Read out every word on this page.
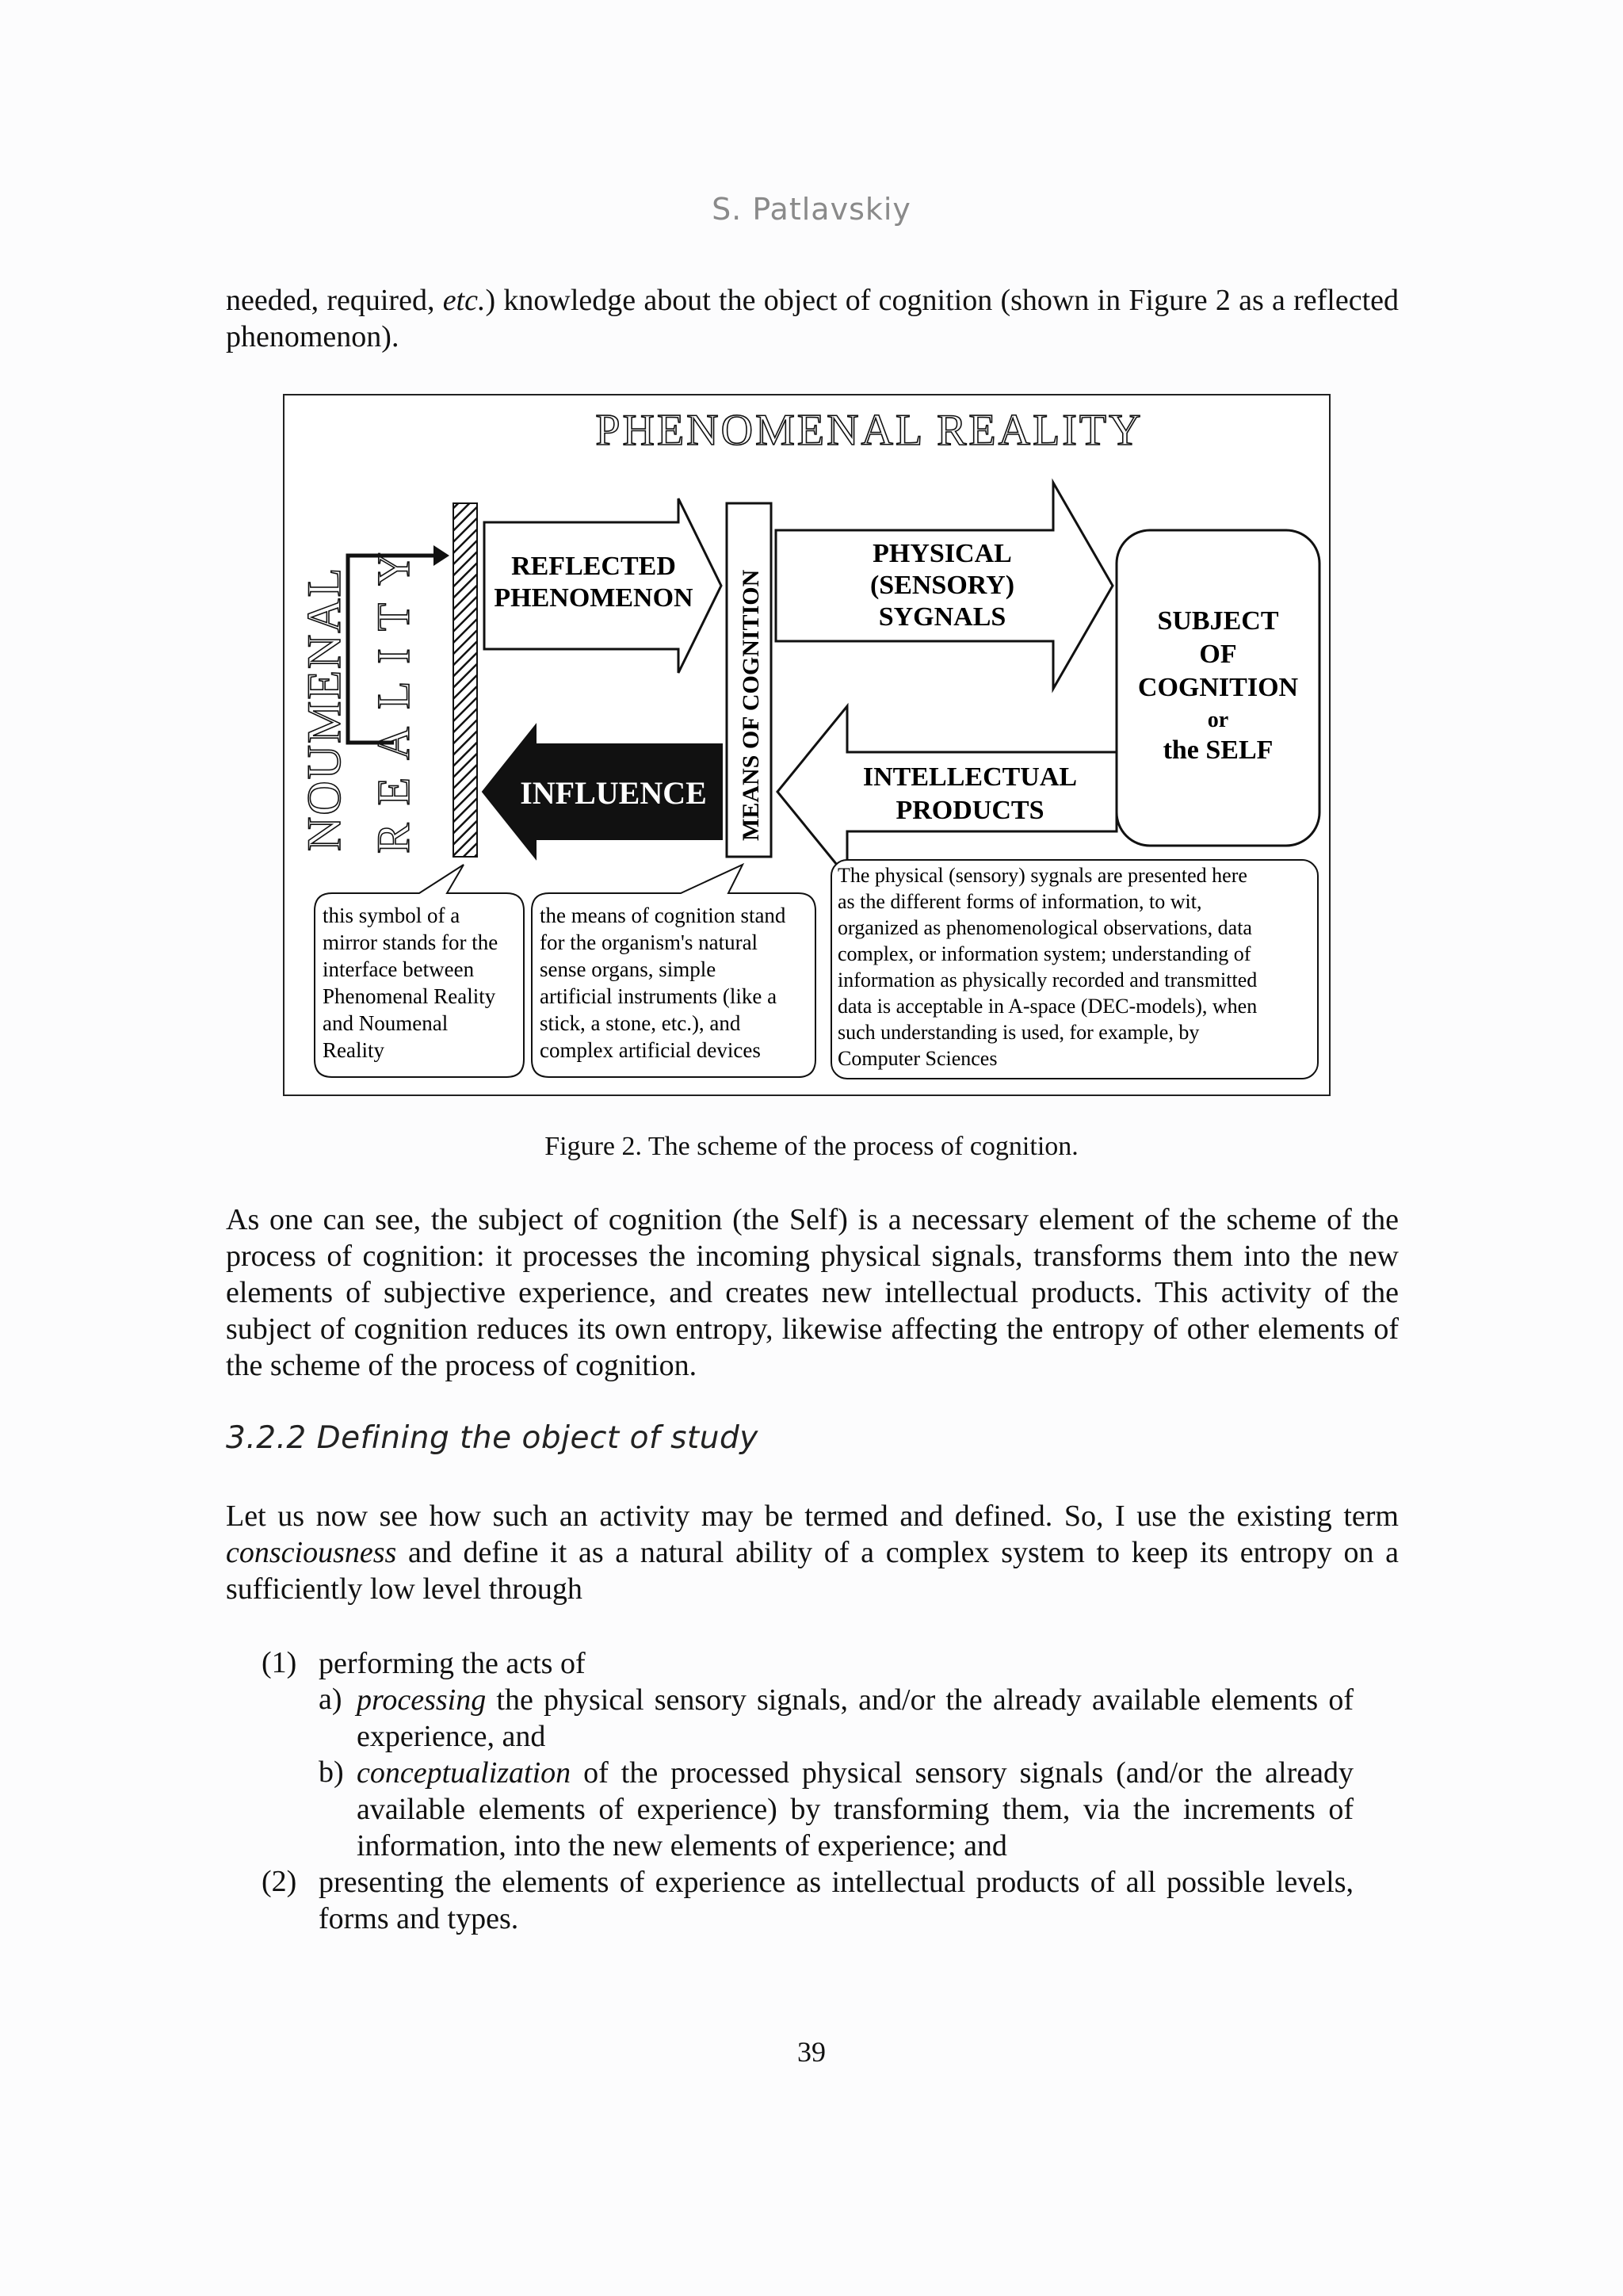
S. Patlavskiy

needed, required, etc.) knowledge about the object of cognition (shown in Figure 2 as a reflected phenomenon).

PHENOMENAL REALITY
NOUMENAL REALITY	REFLECTED
PHENOMENON
INFLUENCE MEANS OF COGNITION
PHYSICAL
(SENSORY)
SYGNALS
INTELLECTUAL
PRODUCTS
SUBJECT
OF
COGNITION
or
the SELF
this symbol of a
mirror stands for the
interface between
Phenomenal Reality
and Noumenal
Reality
the means of cognition stand
for the organism's natural
sense organs, simple
artificial instruments (like a
stick, a stone, etc.), and
complex artificial devices
The physical (sensory) sygnals are presented here
as the different forms of information, to wit,
organized as phenomenological observations, data
complex, or information system; understanding of
information as physically recorded and transmitted
data is acceptable in A-space (DEC-models), when
such understanding is used, for example, by
Computer Sciences
Figure 2. The scheme of the process of cognition.

As one can see, the subject of cognition (the Self) is a necessary element of the scheme of the process of cognition: it processes the incoming physical signals, transforms them into the new elements of subjective experience, and creates new intellectual products. This activity of the subject of cognition reduces its own entropy, likewise affecting the entropy of other elements of the scheme of the process of cognition.

3.2.2 Defining the object of study

Let us now see how such an activity may be termed and defined. So, I use the existing term consciousness and define it as a natural ability of a complex system to keep its entropy on a sufficiently low level through

(1) performing the acts of
a) processing the physical sensory signals, and/or the already available elements of experience, and
b) conceptualization of the processed physical sensory signals (and/or the already available elements of experience) by transforming them, via the increments of information, into the new elements of experience; and
(2) presenting the elements of experience as intellectual products of all possible levels, forms and types.
39
